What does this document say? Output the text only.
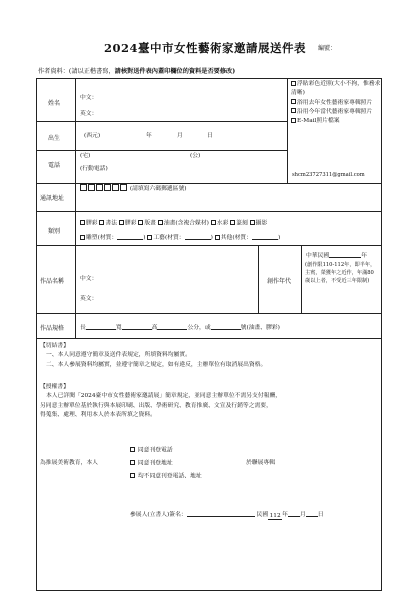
2024臺中市女性藝術家邀請展送件表 編號：
作者資料：(請以正楷書寫，請核對送件表內蓋印欄位的資料是否要修改)
姓名
中文：
英文：
出生	(西元)	年	月	日
電話
(宅)	(公)
(行動電話)
浮貼彩色近照(大小不拘，惟務求清晰)
浴用去年女性藝術家專輯照片
沿用今年當代藝術家專輯照片
E-Mail照片檔案
shcm23727311@gmail.com
通訊地址
(請填寫六碼郵遞區號)
類別
膠彩 書法 膠彩 版畫 油畫(含複合媒材) 水彩 篆刻 攝影
雕塑(材質：	) 工藝(材質：	) 其他(材質：	)
作品名稱	中文：
英文：
創作年代
中華民國	年
(創作限110-112年，即半年，主賓，榮獲年之近作，年滿80歲以上者，不受近三年限制)
作品規格	長	寬	高	公分，或	號(油畫、膠彩)
【切結書】
一、本人同意遵守簡章及送件表規定，所填資料均屬實。
二、本人參展資料均屬實，並遵守簡章之規定，如有違反，主辦單位有取消展出資格。
【授權書】
本人已詳閱「2024臺中市女性藝術家邀請展」簡章規定，並同意主辦單位不需另支付報酬，
另同意主辦單位基於執行與本展印刷、出版、學術研究、教育推廣、文宣及行銷等之需要，
得蒐集、處理、利用本人於本表所填之資料。
為推展美術教育，本人
同意刊登電話
同意刊登地址
均不同意刊登電話、地址
於聯展專輯
參展人(立書人)簽名：	民國112年 月 日
